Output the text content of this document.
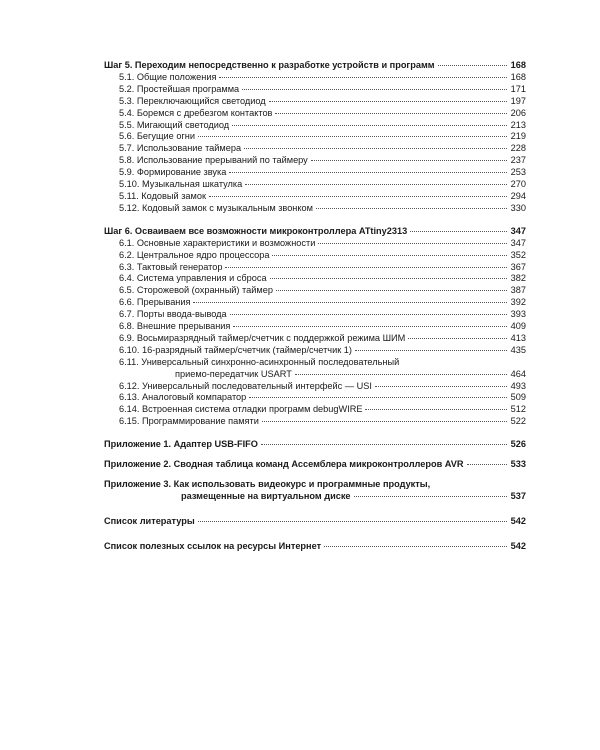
Шаг 5. Переходим непосредственно к разработке устройств и программ	168
5.1. Общие положения	168
5.2. Простейшая программа	171
5.3. Переключающийся светодиод	197
5.4. Боремся с дребезгом контактов	206
5.5. Мигающий светодиод	213
5.6. Бегущие огни	219
5.7. Использование таймера	228
5.8. Использование прерываний по таймеру	237
5.9. Формирование звука	253
5.10. Музыкальная шкатулка	270
5.11. Кодовый замок	294
5.12. Кодовый замок с музыкальным звонком	330
Шаг 6. Осваиваем все возможности микроконтроллера ATtiny2313	347
6.1. Основные характеристики и возможности	347
6.2. Центральное ядро процессора	352
6.3. Тактовый генератор	367
6.4. Система управления и сброса	382
6.5. Сторожевой (охранный) таймер	387
6.6. Прерывания	392
6.7. Порты ввода-вывода	393
6.8. Внешние прерывания	409
6.9. Восьмиразрядный таймер/счетчик с поддержкой режима ШИМ	413
6.10. 16-разрядный таймер/счетчик (таймер/счетчик 1)	435
6.11. Универсальный синхронно-асинхронный последовательный
приемо-передатчик USART	464
6.12. Универсальный последовательный интерфейс — USI	493
6.13. Аналоговый компаратор	509
6.14. Встроенная система отладки программ debugWIRE	512
6.15. Программирование памяти	522
Приложение 1. Адаптер USB-FIFO	526
Приложение 2. Сводная таблица команд Ассемблера микроконтроллеров AVR	533
Приложение 3. Как использовать видеокурс и программные продукты,
размещенные на виртуальном диске	537
Список литературы	542
Список полезных ссылок на ресурсы Интернет	542
